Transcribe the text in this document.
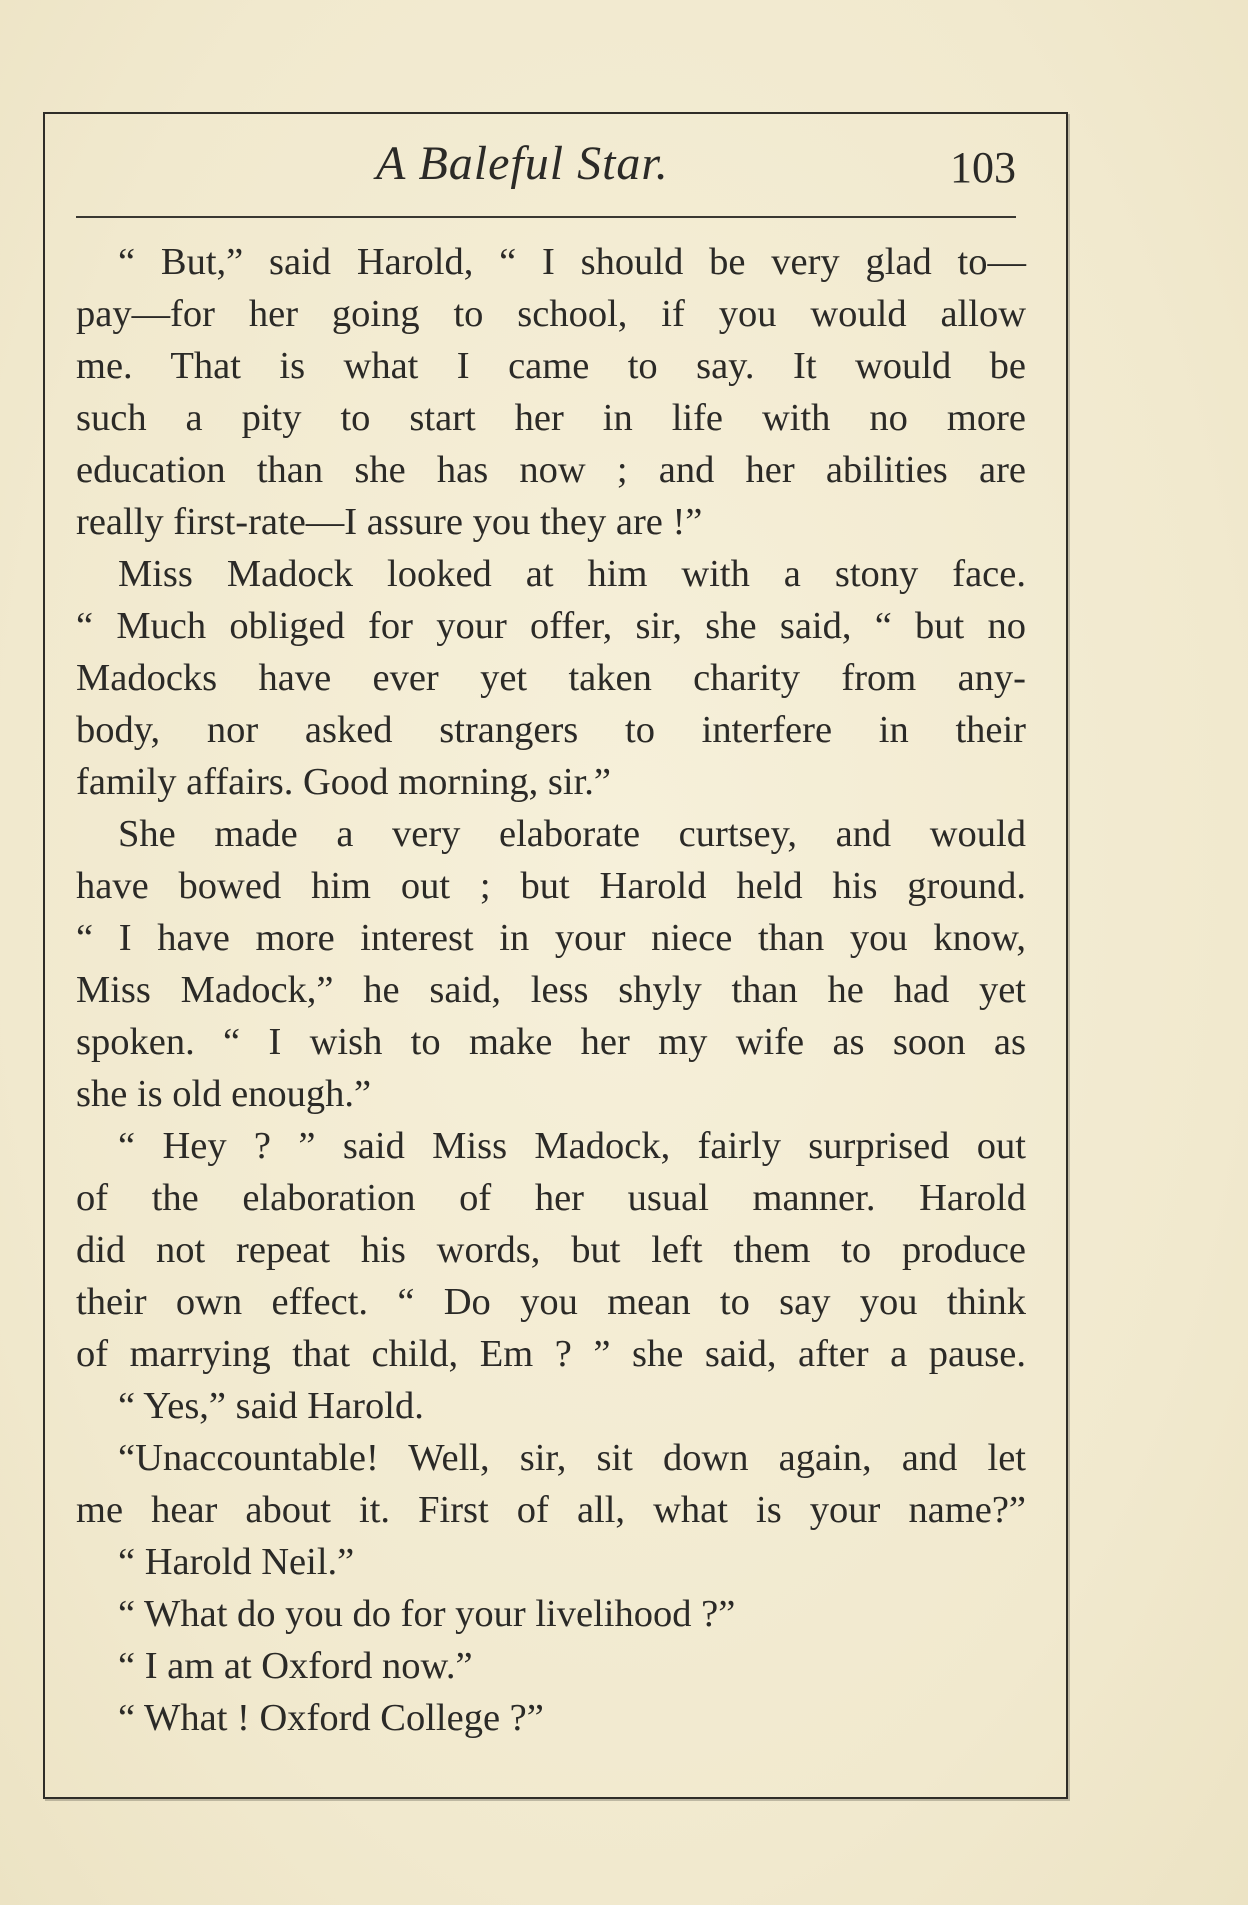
A Baleful Star.	103
“ But,” said Harold, “ I should be very glad to—
pay—for her going to school, if you would allow
me. That is what I came to say. It would be
such a pity to start her in life with no more
education than she has now ; and her abilities are
really first-rate—I assure you they are !”
Miss Madock looked at him with a stony face.
“ Much obliged for your offer, sir, she said, “ but no
Madocks have ever yet taken charity from any-
body, nor asked strangers to interfere in their
family affairs. Good morning, sir.”
She made a very elaborate curtsey, and would
have bowed him out ; but Harold held his ground.
“ I have more interest in your niece than you know,
Miss Madock,” he said, less shyly than he had yet
spoken. “ I wish to make her my wife as soon as
she is old enough.”
“ Hey ? ” said Miss Madock, fairly surprised out
of the elaboration of her usual manner. Harold
did not repeat his words, but left them to produce
their own effect. “ Do you mean to say you think
of marrying that child, Em ? ” she said, after a pause.
“ Yes,” said Harold.
“Unaccountable! Well, sir, sit down again, and let
me hear about it. First of all, what is your name?”
“ Harold Neil.”
“ What do you do for your livelihood ?”
“ I am at Oxford now.”
“ What ! Oxford College ?”
